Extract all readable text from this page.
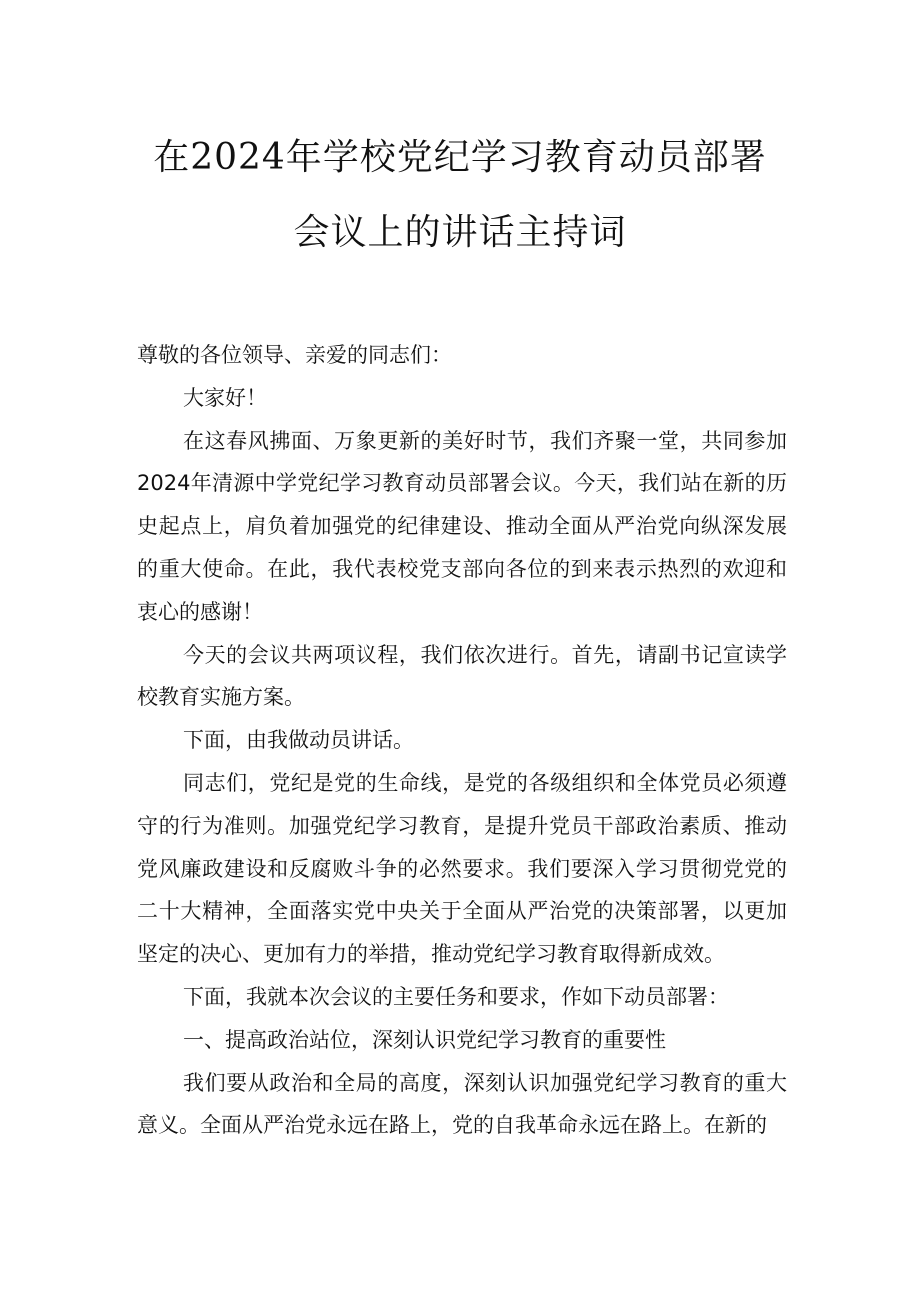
在2024年学校党纪学习教育动员部署
会议上的讲话主持词

尊敬的各位领导、亲爱的同志们：

大家好！

在这春风拂面、万象更新的美好时节，我们齐聚一堂，共同参加2024年清源中学党纪学习教育动员部署会议。今天，我们站在新的历史起点上，肩负着加强党的纪律建设、推动全面从严治党向纵深发展的重大使命。在此，我代表校党支部向各位的到来表示热烈的欢迎和衷心的感谢！

今天的会议共两项议程，我们依次进行。首先，请副书记宣读学校教育实施方案。

下面，由我做动员讲话。

同志们，党纪是党的生命线，是党的各级组织和全体党员必须遵守的行为准则。加强党纪学习教育，是提升党员干部政治素质、推动党风廉政建设和反腐败斗争的必然要求。我们要深入学习贯彻党党的二十大精神，全面落实党中央关于全面从严治党的决策部署，以更加坚定的决心、更加有力的举措，推动党纪学习教育取得新成效。

下面，我就本次会议的主要任务和要求，作如下动员部署：

一、提高政治站位，深刻认识党纪学习教育的重要性

我们要从政治和全局的高度，深刻认识加强党纪学习教育的重大意义。全面从严治党永远在路上，党的自我革命永远在路上。在新的
